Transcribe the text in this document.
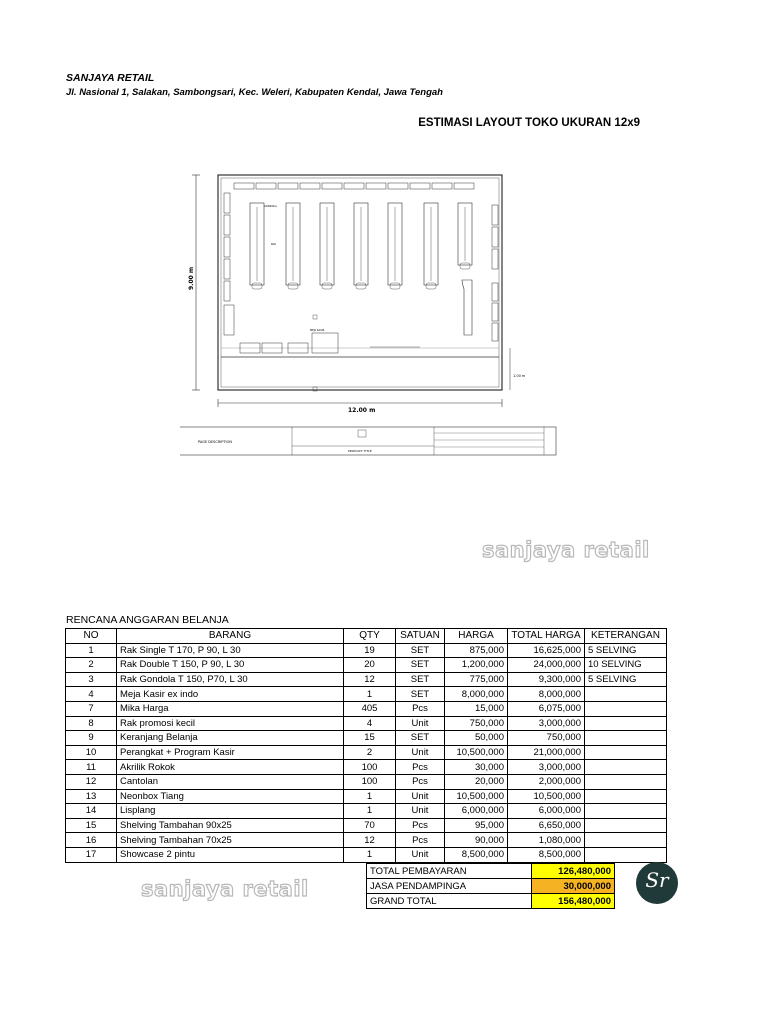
SANJAYA RETAIL
Jl. Nasional 1, Salakan, Sambongsari, Kec. Weleri, Kabupaten Kendal, Jawa Tengah
ESTIMASI LAYOUT TOKO UKURAN 12x9
9.00 m
12.00 m
1.00 m
GONDOLA
RAK
MEJA KASIR
PAGE DESCRIPTION
PRODUCT TITLE
sanjaya retail
RENCANA ANGGARAN BELANJA
NO	BARANG	QTY	SATUAN	HARGA	TOTAL HARGA	KETERANGAN
1	Rak Single T 170, P 90, L 30	19	SET	875,000	16,625,000	5 SELVING
2	Rak Double T 150, P 90, L 30	20	SET	1,200,000	24,000,000	10 SELVING
3	Rak Gondola T 150, P70, L 30	12	SET	775,000	9,300,000	5 SELVING
4	Meja Kasir ex indo	1	SET	8,000,000	8,000,000	
7	Mika Harga	405	Pcs	15,000	6,075,000	
8	Rak promosi kecil	4	Unit	750,000	3,000,000	
9	Keranjang Belanja	15	SET	50,000	750,000	
10	Perangkat + Program Kasir	2	Unit	10,500,000	21,000,000	
11	Akrilik Rokok	100	Pcs	30,000	3,000,000	
12	Cantolan	100	Pcs	20,000	2,000,000	
13	Neonbox Tiang	1	Unit	10,500,000	10,500,000	
14	Lisplang	1	Unit	6,000,000	6,000,000	
15	Shelving Tambahan 90x25	70	Pcs	95,000	6,650,000	
16	Shelving Tambahan 70x25	12	Pcs	90,000	1,080,000	
17	Showcase 2 pintu	1	Unit	8,500,000	8,500,000	
TOTAL PEMBAYARAN	126,480,000
JASA PENDAMPINGA	30,000,000
GRAND TOTAL	156,480,000
sanjaya retail	Sr
